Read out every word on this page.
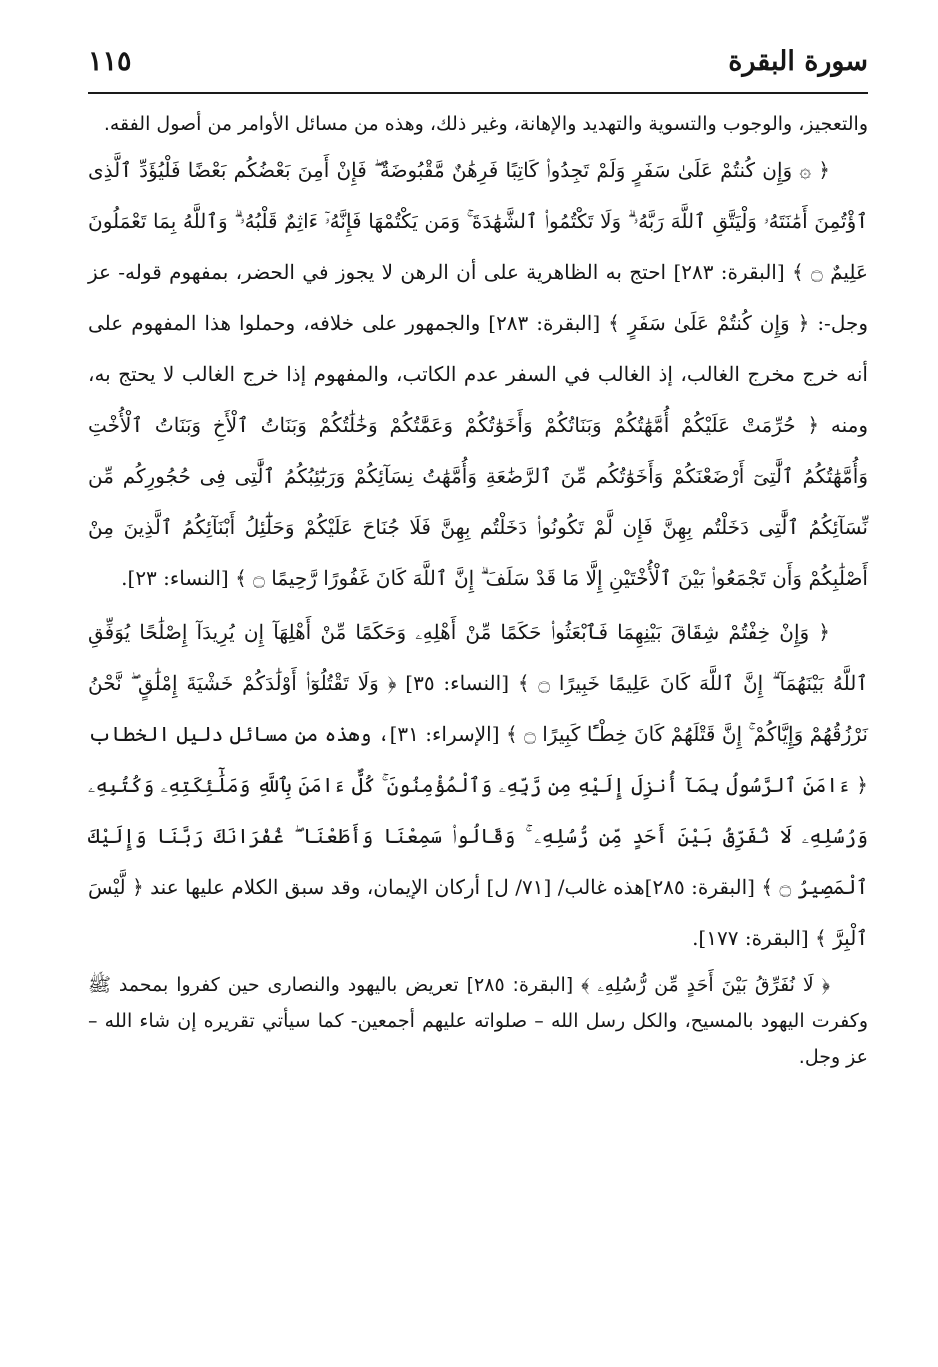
سورة البقرة
١١٥

والتعجيز، والوجوب والتسوية والتهديد والإهانة، وغير ذلك، وهذه من مسائل الأوامر من أصول الفقه.

﴿ ۞ وَإِن كُنتُمْ عَلَىٰ سَفَرٍ وَلَمْ تَجِدُوا۟ كَاتِبًا فَرِهَٰنٌ مَّقْبُوضَةٌ ۖ فَإِنْ أَمِنَ بَعْضُكُم بَعْضًا فَلْيُؤَدِّ ٱلَّذِى ٱؤْتُمِنَ أَمَٰنَتَهُۥ وَلْيَتَّقِ ٱللَّهَ رَبَّهُۥ ۗ وَلَا تَكْتُمُوا۟ ٱلشَّهَٰدَةَ ۚ وَمَن يَكْتُمْهَا فَإِنَّهُۥٓ ءَاثِمٌ قَلْبُهُۥ ۗ وَٱللَّهُ بِمَا تَعْمَلُونَ عَلِيمٌ ۝ ﴾ [البقرة: ٢٨٣] احتج به الظاهرية على أن الرهن لا يجوز في الحضر، بمفهوم قوله- عز وجل-: ﴿ وَإِن كُنتُمْ عَلَىٰ سَفَرٍ ﴾ [البقرة: ٢٨٣] والجمهور على خلافه، وحملوا هذا المفهوم على أنه خرج مخرج الغالب، إذ الغالب في السفر عدم الكاتب، والمفهوم إذا خرج الغالب لا يحتج به، ومنه ﴿ حُرِّمَتْ عَلَيْكُمْ أُمَّهَٰتُكُمْ وَبَنَاتُكُمْ وَأَخَوَٰتُكُمْ وَعَمَّٰتُكُمْ وَخَٰلَٰتُكُمْ وَبَنَاتُ ٱلْأَخِ وَبَنَاتُ ٱلْأُخْتِ وَأُمَّهَٰتُكُمُ ٱلَّٰتِىٓ أَرْضَعْنَكُمْ وَأَخَوَٰتُكُم مِّنَ ٱلرَّضَٰعَةِ وَأُمَّهَٰتُ نِسَآئِكُمْ وَرَبَٰٓئِبُكُمُ ٱلَّٰتِى فِى حُجُورِكُم مِّن نِّسَآئِكُمُ ٱلَّٰتِى دَخَلْتُم بِهِنَّ فَإِن لَّمْ تَكُونُوا۟ دَخَلْتُم بِهِنَّ فَلَا جُنَاحَ عَلَيْكُمْ وَحَلَٰٓئِلُ أَبْنَآئِكُمُ ٱلَّذِينَ مِنْ أَصْلَٰبِكُمْ وَأَن تَجْمَعُوا۟ بَيْنَ ٱلْأُخْتَيْنِ إِلَّا مَا قَدْ سَلَفَ ۗ إِنَّ ٱللَّهَ كَانَ غَفُورًا رَّحِيمًا ۝ ﴾ [النساء: ٢٣].

﴿ وَإِنْ خِفْتُمْ شِقَاقَ بَيْنِهِمَا فَٱبْعَثُوا۟ حَكَمًا مِّنْ أَهْلِهِۦ وَحَكَمًا مِّنْ أَهْلِهَآ إِن يُرِيدَآ إِصْلَٰحًا يُوَفِّقِ ٱللَّهُ بَيْنَهُمَآ ۗ إِنَّ ٱللَّهَ كَانَ عَلِيمًا خَبِيرًا ۝ ﴾ [النساء: ٣٥] ﴿ وَلَا تَقْتُلُوٓا۟ أَوْلَٰدَكُمْ خَشْيَةَ إِمْلَٰقٍ ۖ نَّحْنُ نَرْزُقُهُمْ وَإِيَّاكُمْ ۚ إِنَّ قَتْلَهُمْ كَانَ خِطْـًٔا كَبِيرًا ۝ ﴾ [الإسراء: ٣١]، وهذه من مسائل دليل الخطاب ﴿ ءَامَنَ ٱلرَّسُولُ بِمَآ أُنزِلَ إِلَيْهِ مِن رَّبِّهِۦ وَٱلْمُؤْمِنُونَ ۚ كُلٌّ ءَامَنَ بِٱللَّهِ وَمَلَٰٓئِكَتِهِۦ وَكُتُبِهِۦ وَرُسُلِهِۦ لَا نُفَرِّقُ بَيْنَ أَحَدٍ مِّن رُّسُلِهِۦ ۚ وَقَالُوا۟ سَمِعْنَا وَأَطَعْنَا ۖ غُفْرَانَكَ رَبَّنَا وَإِلَيْكَ ٱلْمَصِيرُ ۝ ﴾ [البقرة: ٢٨٥]هذه غالب/ [٧١/ ل] أركان الإيمان، وقد سبق الكلام عليها عند ﴿ لَّيْسَ ٱلْبِرَّ ﴾ [البقرة: ١٧٧].

﴿ لَا نُفَرِّقُ بَيْنَ أَحَدٍ مِّن رُّسُلِهِۦ ﴾ [البقرة: ٢٨٥] تعريض باليهود والنصارى حين كفروا بمحمد ﷺ وكفرت اليهود بالمسيح، والكل رسل الله – صلواته عليهم أجمعين- كما سيأتي تقريره إن شاء الله – عز وجل.
